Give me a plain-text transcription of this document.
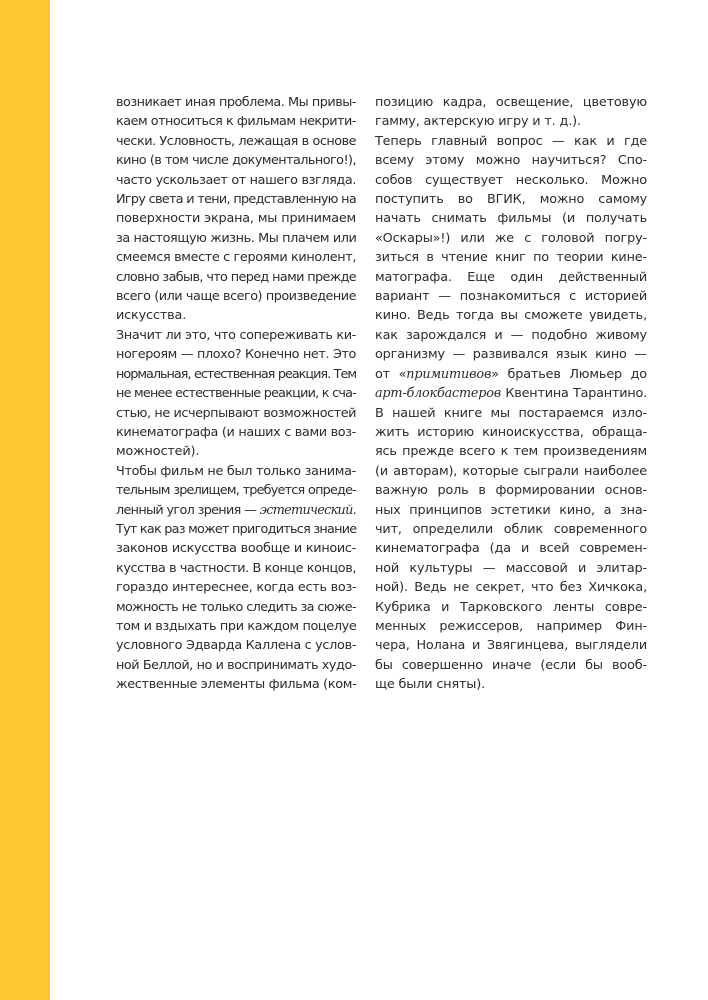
возникает иная проблема. Мы привы-
каем относиться к фильмам некрити-
чески. Условность, лежащая в основе
кино (в том числе документального!),
часто ускользает от нашего взгляда.
Игру света и тени, представленную на
поверхности экрана, мы принимаем
за настоящую жизнь. Мы плачем или
смеемся вместе с героями кинолент,
словно забыв, что перед нами прежде
всего (или чаще всего) произведение
искусства.
Значит ли это, что сопереживать ки-
ногероям — плохо? Конечно нет. Это
нормальная, естественная реакция. Тем
не менее естественные реакции, к сча-
стью, не исчерпывают возможностей
кинематографа (и наших с вами воз-
можностей).
Чтобы фильм не был только занима-
тельным зрелищем, требуется опреде-
ленный угол зрения — эстетический.
Тут как раз может пригодиться знание
законов искусства вообще и киноис-
кусства в частности. В конце концов,
гораздо интереснее, когда есть воз-
можность не только следить за сюже-
том и вздыхать при каждом поцелуе
условного Эдварда Каллена с услов-
ной Беллой, но и воспринимать худо-
жественные элементы фильма (ком-
позицию кадра, освещение, цветовую
гамму, актерскую игру и т. д.).
Теперь главный вопрос — как и где
всему этому можно научиться? Спо-
собов существует несколько. Можно
поступить во ВГИК, можно самому
начать снимать фильмы (и получать
«Оскары»!) или же с головой погру-
зиться в чтение книг по теории кине-
матографа. Еще один действенный
вариант — познакомиться с историей
кино. Ведь тогда вы сможете увидеть,
как зарождался и — подобно живому
организму — развивался язык кино —
от «примитивов» братьев Люмьер до
арт-блокбастеров Квентина Тарантино.
В нашей книге мы постараемся изло-
жить историю киноискусства, обраща-
ясь прежде всего к тем произведениям
(и авторам), которые сыграли наиболее
важную роль в формировании основ-
ных принципов эстетики кино, а зна-
чит, определили облик современного
кинематографа (да и всей современ-
ной культуры — массовой и элитар-
ной). Ведь не секрет, что без Хичкока,
Кубрика и Тарковского ленты совре-
менных режиссеров, например Фин-
чера, Нолана и Звягинцева, выглядели
бы совершенно иначе (если бы вооб-
ще были сняты).
